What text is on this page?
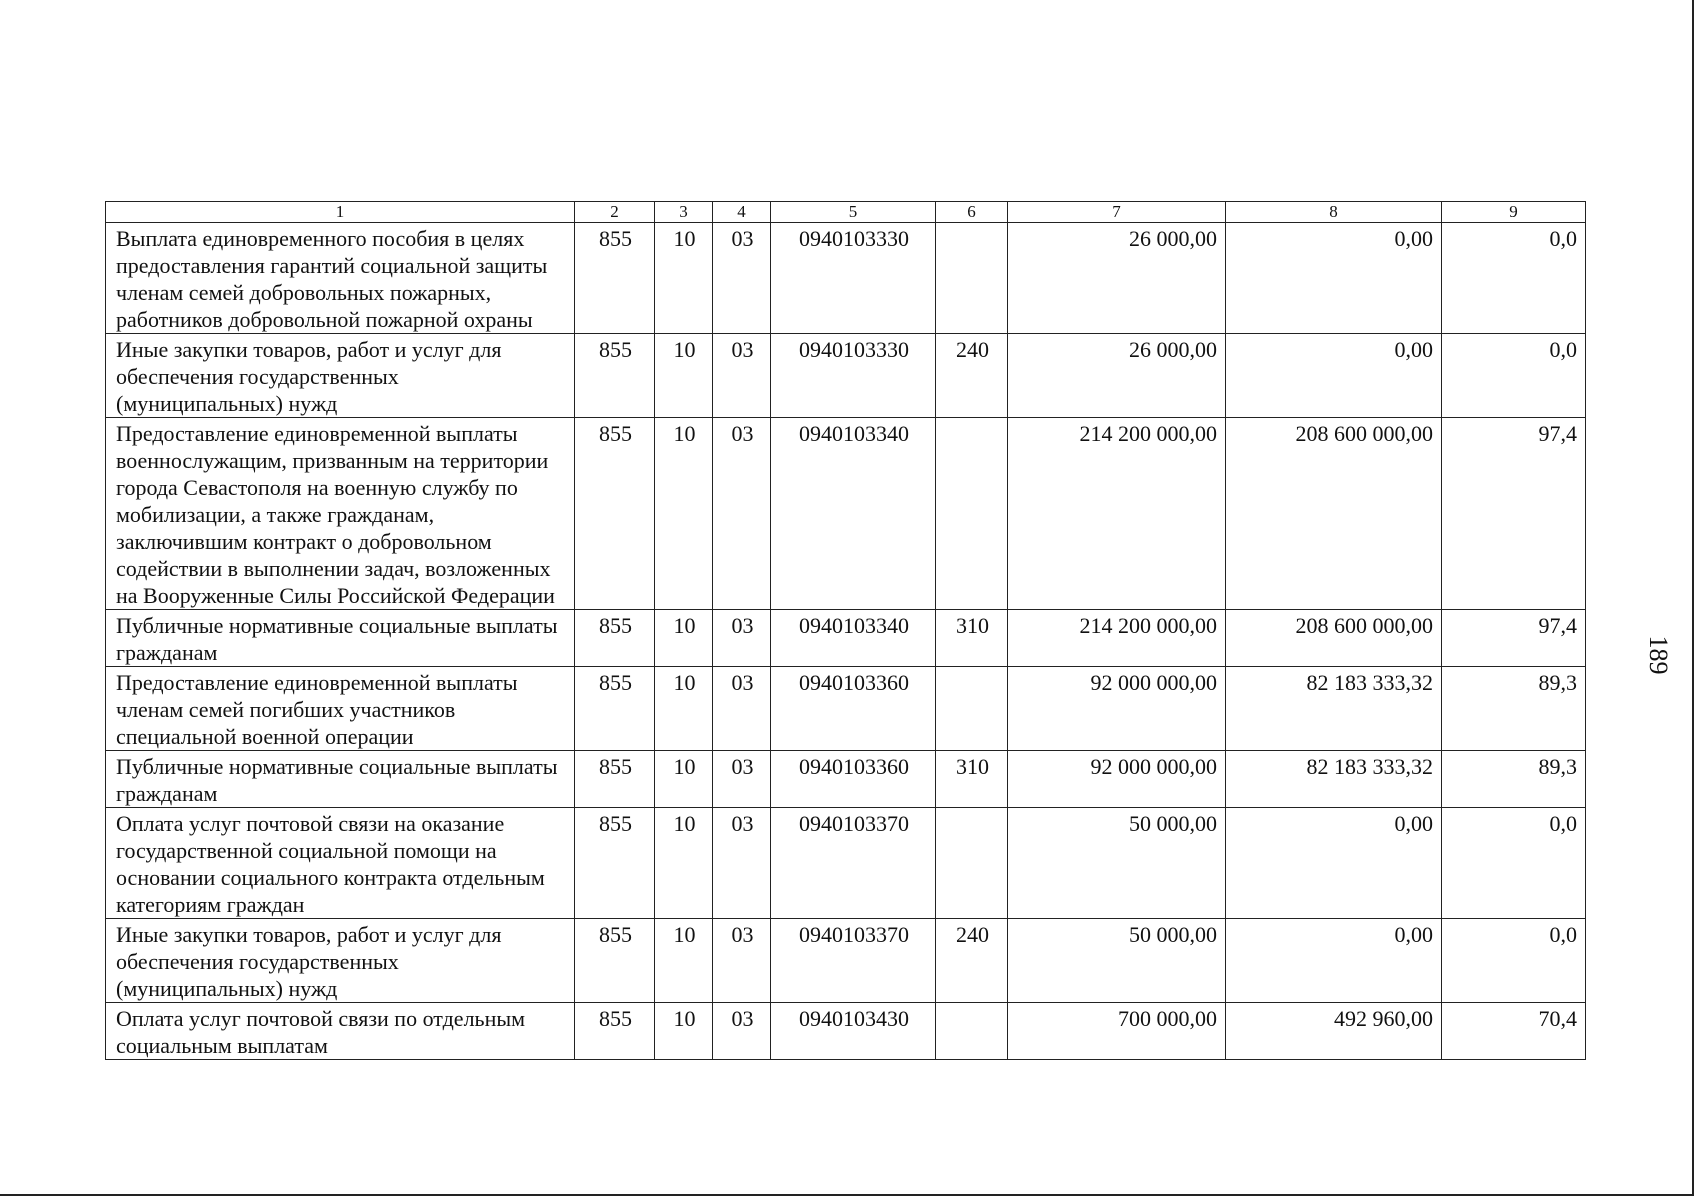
1	2	3	4	5	6	7	8	9
Выплата единовременного пособия в целях предоставления гарантий социальной защиты членам семей добровольных пожарных, работников добровольной пожарной охраны	855	10	03	0940103330		26 000,00	0,00	0,0
Иные закупки товаров, работ и услуг для обеспечения государственных (муниципальных) нужд	855	10	03	0940103330	240	26 000,00	0,00	0,0
Предоставление единовременной выплаты военнослужащим, призванным на территории города Севастополя на военную службу по мобилизации, а также гражданам, заключившим контракт о добровольном содействии в выполнении задач, возложенных на Вооруженные Силы Российской Федерации	855	10	03	0940103340		214 200 000,00	208 600 000,00	97,4
Публичные нормативные социальные выплаты гражданам	855	10	03	0940103340	310	214 200 000,00	208 600 000,00	97,4
Предоставление единовременной выплаты членам семей погибших участников специальной военной операции	855	10	03	0940103360		92 000 000,00	82 183 333,32	89,3
Публичные нормативные социальные выплаты гражданам	855	10	03	0940103360	310	92 000 000,00	82 183 333,32	89,3
Оплата услуг почтовой связи на оказание государственной социальной помощи на основании социального контракта отдельным категориям граждан	855	10	03	0940103370		50 000,00	0,00	0,0
Иные закупки товаров, работ и услуг для обеспечения государственных (муниципальных) нужд	855	10	03	0940103370	240	50 000,00	0,00	0,0
Оплата услуг почтовой связи по отдельным социальным выплатам	855	10	03	0940103430		700 000,00	492 960,00	70,4
189
